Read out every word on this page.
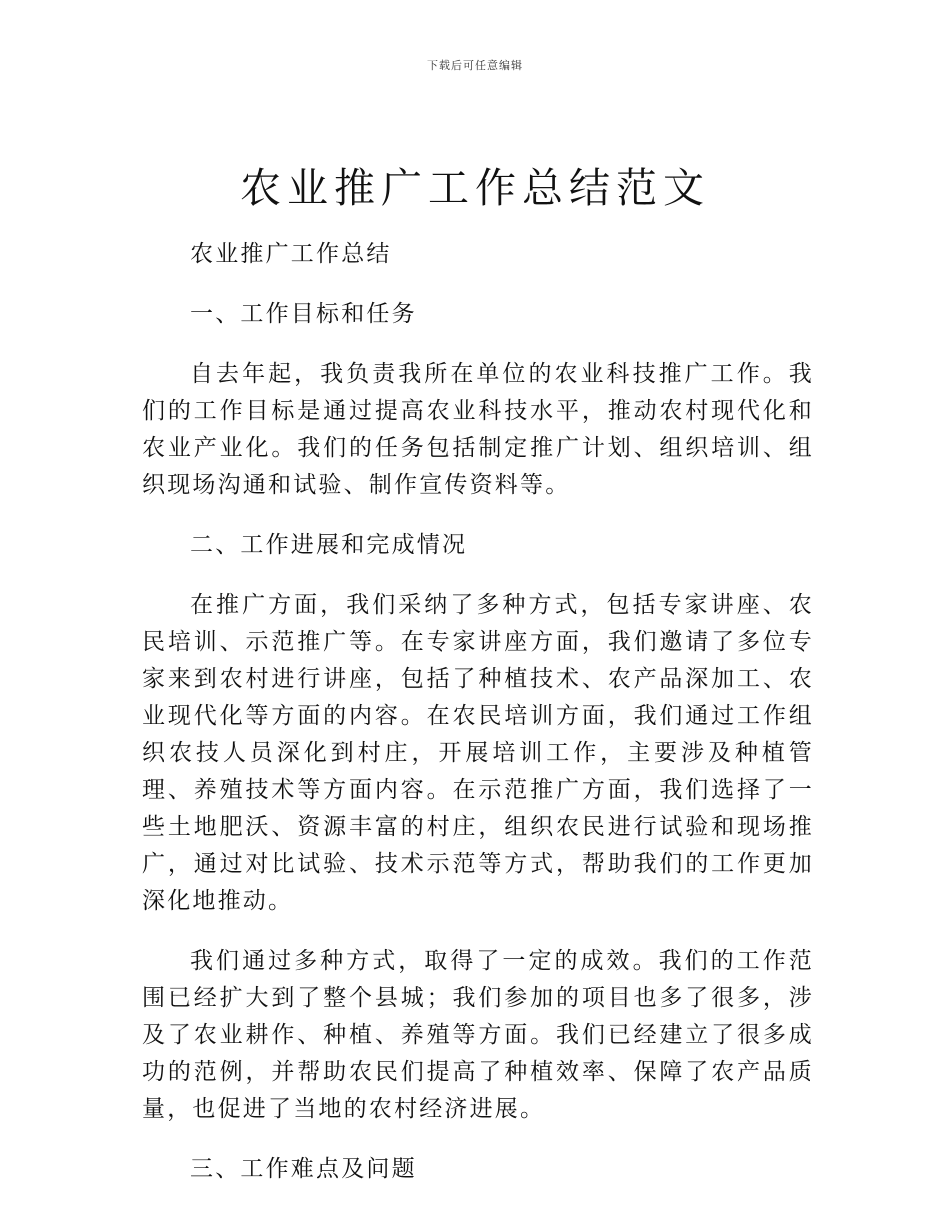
下载后可任意编辑
农业推广工作总结范文

农业推广工作总结

一、工作目标和任务

自去年起，我负责我所在单位的农业科技推广工作。我们的工作目标是通过提高农业科技水平，推动农村现代化和农业产业化。我们的任务包括制定推广计划、组织培训、组织现场沟通和试验、制作宣传资料等。

二、工作进展和完成情况

在推广方面，我们采纳了多种方式，包括专家讲座、农民培训、示范推广等。在专家讲座方面，我们邀请了多位专家来到农村进行讲座，包括了种植技术、农产品深加工、农业现代化等方面的内容。在农民培训方面，我们通过工作组织农技人员深化到村庄，开展培训工作，主要涉及种植管理、养殖技术等方面内容。在示范推广方面，我们选择了一些土地肥沃、资源丰富的村庄，组织农民进行试验和现场推广，通过对比试验、技术示范等方式，帮助我们的工作更加深化地推动。

我们通过多种方式，取得了一定的成效。我们的工作范围已经扩大到了整个县城；我们参加的项目也多了很多，涉及了农业耕作、种植、养殖等方面。我们已经建立了很多成功的范例，并帮助农民们提高了种植效率、保障了农产品质量，也促进了当地的农村经济进展。

三、工作难点及问题
